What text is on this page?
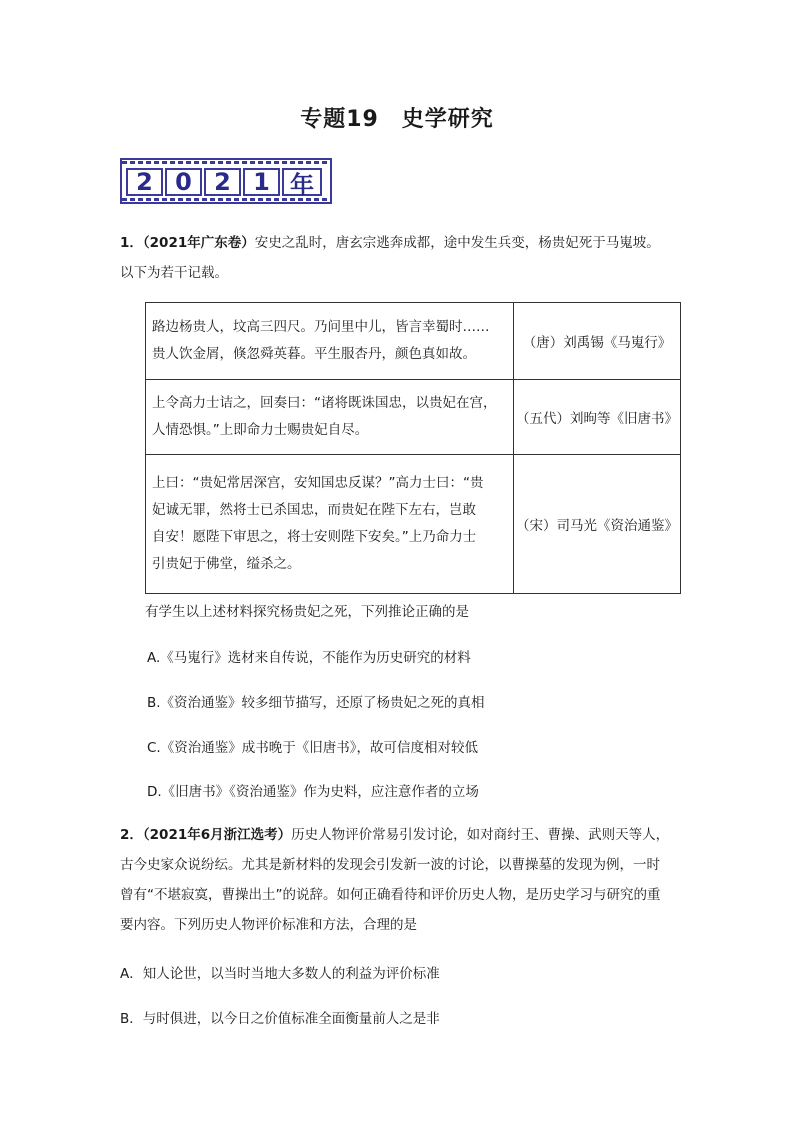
专题19　史学研究
2 0 2 1 年
1．（2021年广东卷）安史之乱时，唐玄宗逃奔成都，途中发生兵变，杨贵妃死于马嵬坡。
以下为若干记载。
路边杨贵人，坟高三四尺。乃问里中儿，皆言幸蜀时……
贵人饮金屑，倏忽舜英暮。平生服杏丹，颜色真如故。	（唐）刘禹锡《马嵬行》

上令高力士诘之，回奏曰：“诸将既诛国忠，以贵妃在宫，
人情恐惧。”上即命力士赐贵妃自尽。	（五代）刘昫等《旧唐书》

上曰：“贵妃常居深宫，安知国忠反谋？”高力士曰：“贵
妃诚无罪，然将士已杀国忠，而贵妃在陛下左右，岂敢
自安！愿陛下审思之，将士安则陛下安矣。”上乃命力士
引贵妃于佛堂，缢杀之。	（宋）司马光《资治通鉴》
有学生以上述材料探究杨贵妃之死，下列推论正确的是
A.《马嵬行》选材来自传说，不能作为历史研究的材料
B.《资治通鉴》较多细节描写，还原了杨贵妃之死的真相
C.《资治通鉴》成书晚于《旧唐书》，故可信度相对较低
D.《旧唐书》《资治通鉴》作为史料，应注意作者的立场
2．（2021年6月浙江选考）历史人物评价常易引发讨论，如对商纣王、曹操、武则天等人，
古今史家众说纷纭。尤其是新材料的发现会引发新一波的讨论，以曹操墓的发现为例，一时
曾有“不堪寂寞，曹操出土”的说辞。如何正确看待和评价历史人物，是历史学习与研究的重
要内容。下列历史人物评价标准和方法，合理的是
A．知人论世，以当时当地大多数人的利益为评价标准
B．与时俱进，以今日之价值标准全面衡量前人之是非
